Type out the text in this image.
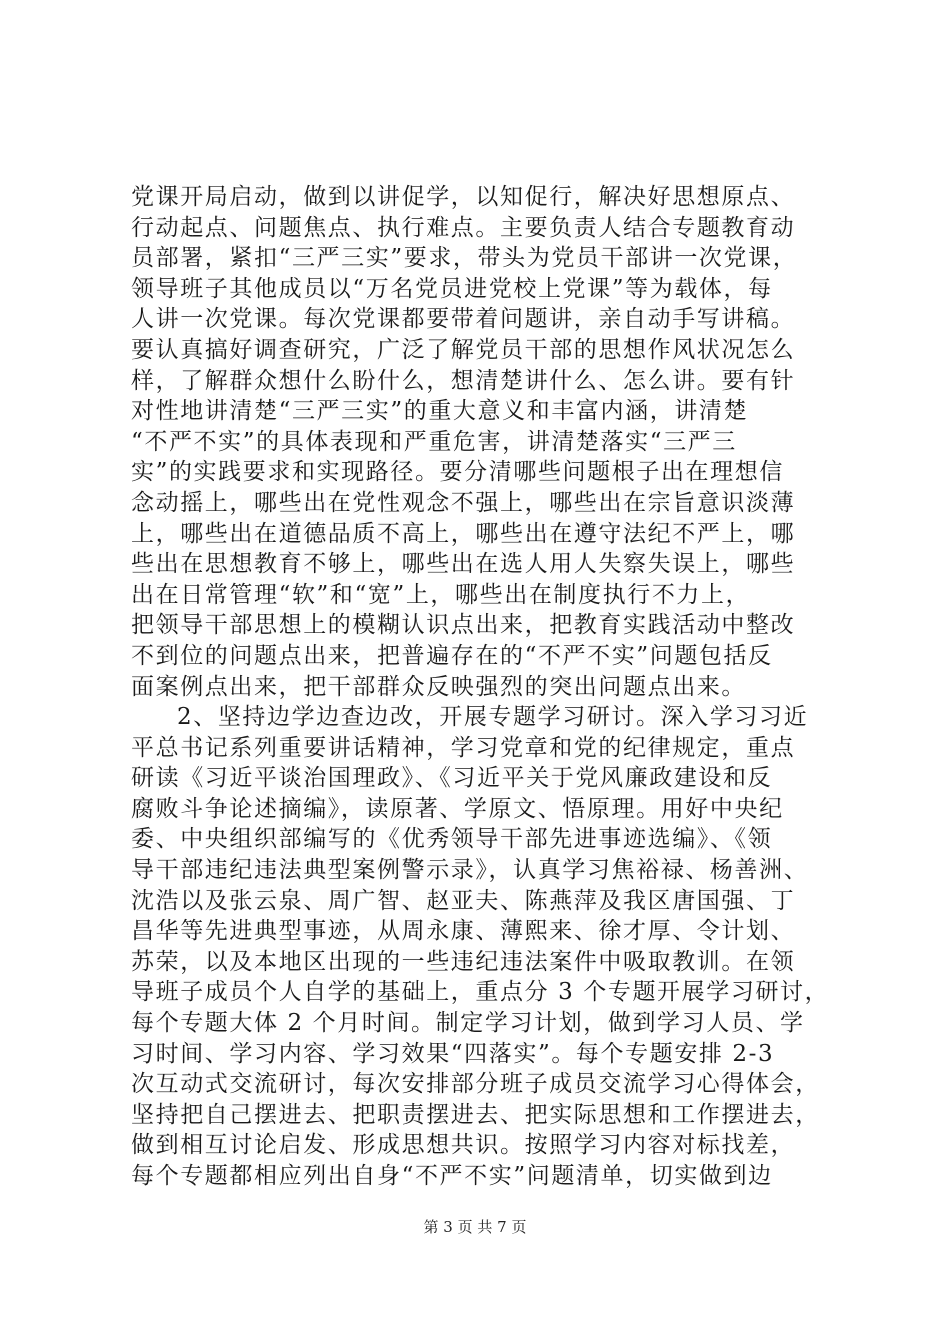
党课开局启动，做到以讲促学，以知促行，解决好思想原点、
行动起点、问题焦点、执行难点。主要负责人结合专题教育动
员部署，紧扣“三严三实”要求，带头为党员干部讲一次党课，
领导班子其他成员以“万名党员进党校上党课”等为载体，每
人讲一次党课。每次党课都要带着问题讲，亲自动手写讲稿。
要认真搞好调查研究，广泛了解党员干部的思想作风状况怎么
样，了解群众想什么盼什么，想清楚讲什么、怎么讲。要有针
对性地讲清楚“三严三实”的重大意义和丰富内涵，讲清楚
“不严不实”的具体表现和严重危害，讲清楚落实“三严三
实”的实践要求和实现路径。要分清哪些问题根子出在理想信
念动摇上，哪些出在党性观念不强上，哪些出在宗旨意识淡薄
上，哪些出在道德品质不高上，哪些出在遵守法纪不严上，哪
些出在思想教育不够上，哪些出在选人用人失察失误上，哪些
出在日常管理“软”和“宽”上，哪些出在制度执行不力上，
把领导干部思想上的模糊认识点出来，把教育实践活动中整改
不到位的问题点出来，把普遍存在的“不严不实”问题包括反
面案例点出来，把干部群众反映强烈的突出问题点出来。
2、坚持边学边查边改，开展专题学习研讨。深入学习习近
平总书记系列重要讲话精神，学习党章和党的纪律规定，重点
研读《习近平谈治国理政》、《习近平关于党风廉政建设和反
腐败斗争论述摘编》，读原著、学原文、悟原理。用好中央纪
委、中央组织部编写的《优秀领导干部先进事迹选编》、《领
导干部违纪违法典型案例警示录》，认真学习焦裕禄、杨善洲、
沈浩以及张云泉、周广智、赵亚夫、陈燕萍及我区唐国强、丁
昌华等先进典型事迹，从周永康、薄熙来、徐才厚、令计划、
苏荣，以及本地区出现的一些违纪违法案件中吸取教训。在领
导班子成员个人自学的基础上，重点分 3 个专题开展学习研讨，
每个专题大体 2 个月时间。制定学习计划，做到学习人员、学
习时间、学习内容、学习效果“四落实”。每个专题安排 2-3
次互动式交流研讨，每次安排部分班子成员交流学习心得体会，
坚持把自己摆进去、把职责摆进去、把实际思想和工作摆进去，
做到相互讨论启发、形成思想共识。按照学习内容对标找差，
每个专题都相应列出自身“不严不实”问题清单，切实做到边
第 3 页 共 7 页
